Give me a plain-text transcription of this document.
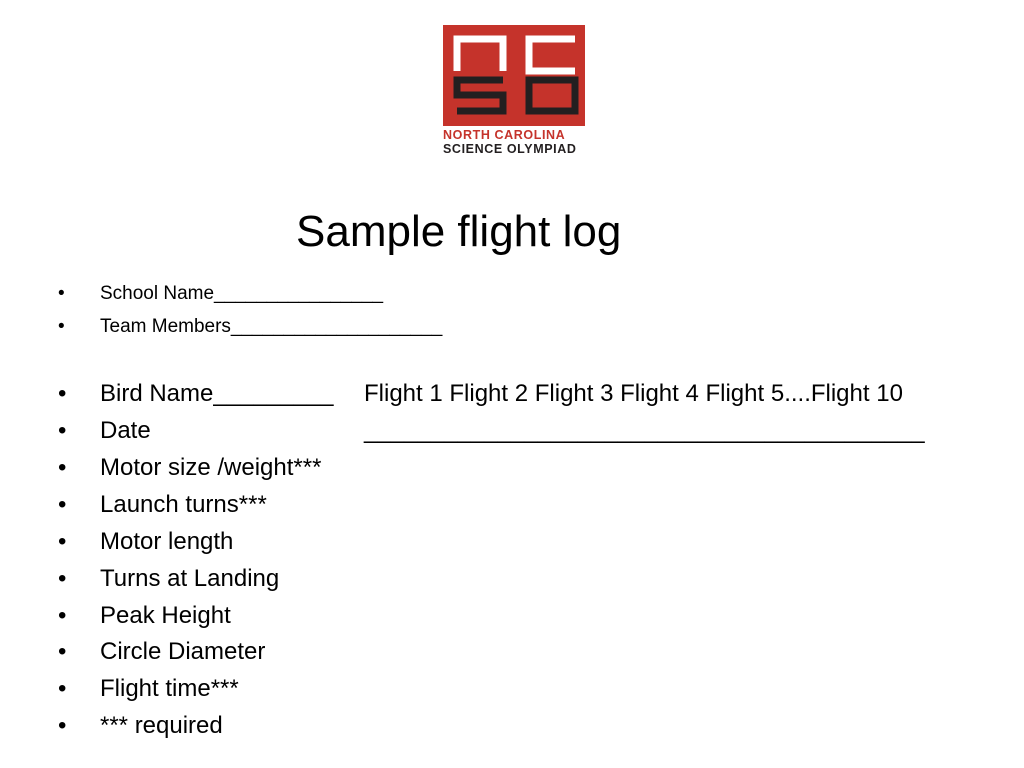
NORTH CAROLINA
SCIENCE OLYMPIAD
Sample flight log
• School Name________________
• Team Members____________________
• Bird Name_________ Flight 1 Flight 2 Flight 3 Flight 4 Flight 5....Flight 10
• Date	__________________________________________
• Motor size /weight***
• Launch turns***
• Motor length
• Turns at Landing
• Peak Height
• Circle Diameter
• Flight time***
• *** required
